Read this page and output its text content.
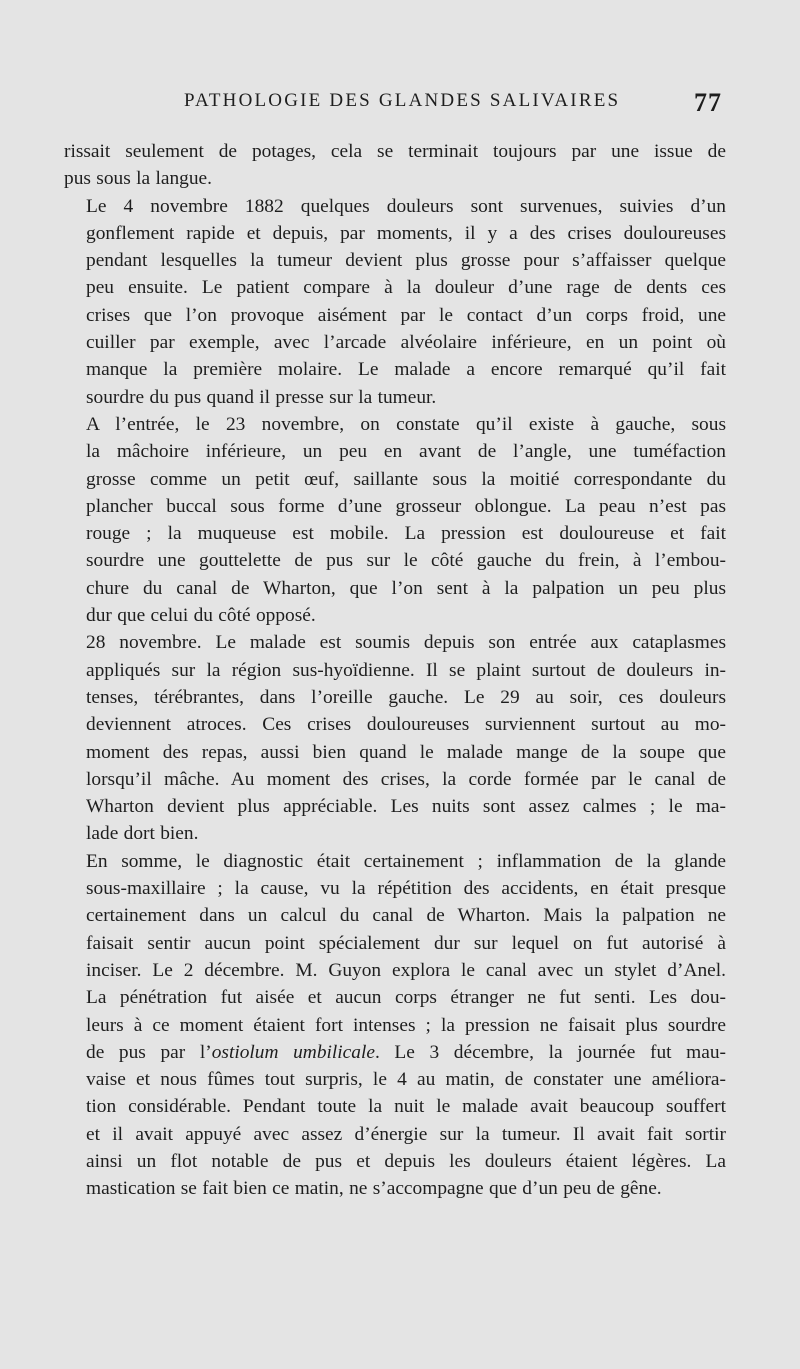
PATHOLOGIE DES GLANDES SALIVAIRES	77

rissait seulement de potages, cela se terminait toujours par une issue de
pus sous la langue.

Le 4 novembre 1882 quelques douleurs sont survenues, suivies d’un
gonflement rapide et depuis, par moments, il y a des crises douloureuses
pendant lesquelles la tumeur devient plus grosse pour s’affaisser quelque
peu ensuite. Le patient compare à la douleur d’une rage de dents ces
crises que l’on provoque aisément par le contact d’un corps froid, une
cuiller par exemple, avec l’arcade alvéolaire inférieure, en un point où
manque la première molaire. Le malade a encore remarqué qu’il fait
sourdre du pus quand il presse sur la tumeur.

A l’entrée, le 23 novembre, on constate qu’il existe à gauche, sous
la mâchoire inférieure, un peu en avant de l’angle, une tuméfaction
grosse comme un petit œuf, saillante sous la moitié correspondante du
plancher buccal sous forme d’une grosseur oblongue. La peau n’est pas
rouge ; la muqueuse est mobile. La pression est douloureuse et fait
sourdre une gouttelette de pus sur le côté gauche du frein, à l’embou-
chure du canal de Wharton, que l’on sent à la palpation un peu plus
dur que celui du côté opposé.

28 novembre. Le malade est soumis depuis son entrée aux cataplasmes
appliqués sur la région sus-hyoïdienne. Il se plaint surtout de douleurs in-
tenses, térébrantes, dans l’oreille gauche. Le 29 au soir, ces douleurs
deviennent atroces. Ces crises douloureuses surviennent surtout au mo-
moment des repas, aussi bien quand le malade mange de la soupe que
lorsqu’il mâche. Au moment des crises, la corde formée par le canal de
Wharton devient plus appréciable. Les nuits sont assez calmes ; le ma-
lade dort bien.

En somme, le diagnostic était certainement ; inflammation de la glande
sous-maxillaire ; la cause, vu la répétition des accidents, en était presque
certainement dans un calcul du canal de Wharton. Mais la palpation ne
faisait sentir aucun point spécialement dur sur lequel on fut autorisé à
inciser. Le 2 décembre. M. Guyon explora le canal avec un stylet d’Anel.
La pénétration fut aisée et aucun corps étranger ne fut senti. Les dou-
leurs à ce moment étaient fort intenses ; la pression ne faisait plus sourdre
de pus par l’ostiolum umbilicale. Le 3 décembre, la journée fut mau-
vaise et nous fûmes tout surpris, le 4 au matin, de constater une améliora-
tion considérable. Pendant toute la nuit le malade avait beaucoup souffert
et il avait appuyé avec assez d’énergie sur la tumeur. Il avait fait sortir
ainsi un flot notable de pus et depuis les douleurs étaient légères. La
mastication se fait bien ce matin, ne s’accompagne que d’un peu de gêne.
